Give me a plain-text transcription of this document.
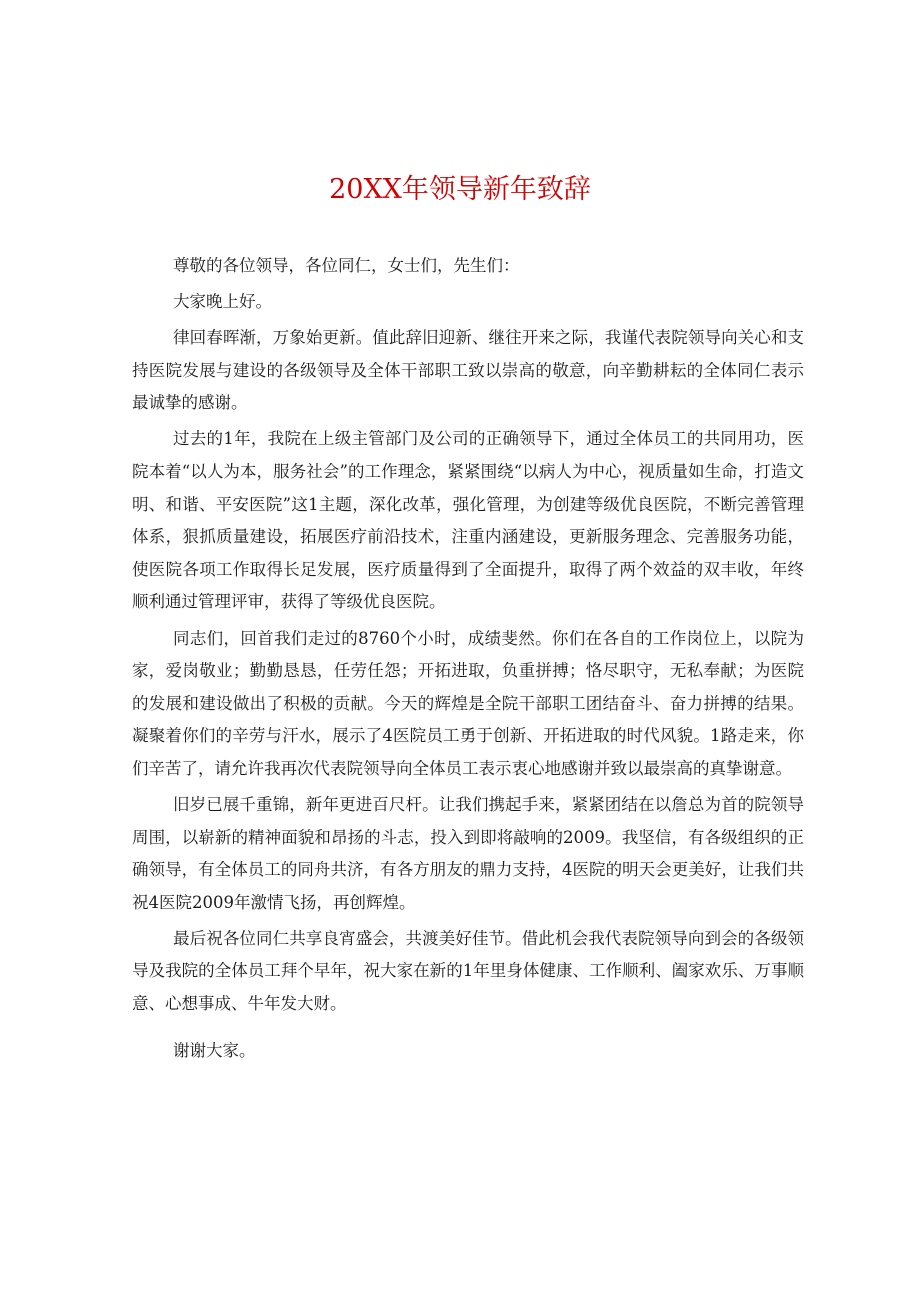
20XX年领导新年致辞

尊敬的各位领导，各位同仁，女士们，先生们：

大家晚上好。

律回春晖渐，万象始更新。值此辞旧迎新、继往开来之际，我谨代表院领导向关心和支持医院发展与建设的各级领导及全体干部职工致以崇高的敬意，向辛勤耕耘的全体同仁表示最诚挚的感谢。

过去的1年，我院在上级主管部门及公司的正确领导下，通过全体员工的共同用功，医院本着“以人为本，服务社会”的工作理念，紧紧围绕“以病人为中心，视质量如生命，打造文明、和谐、平安医院”这1主题，深化改革，强化管理，为创建等级优良医院，不断完善管理体系，狠抓质量建设，拓展医疗前沿技术，注重内涵建设，更新服务理念、完善服务功能，使医院各项工作取得长足发展，医疗质量得到了全面提升，取得了两个效益的双丰收，年终顺利通过管理评审，获得了等级优良医院。

同志们，回首我们走过的8760个小时，成绩斐然。你们在各自的工作岗位上，以院为家，爱岗敬业；勤勤恳恳，任劳任怨；开拓进取，负重拼搏；恪尽职守，无私奉献；为医院的发展和建设做出了积极的贡献。今天的辉煌是全院干部职工团结奋斗、奋力拼搏的结果。凝聚着你们的辛劳与汗水，展示了4医院员工勇于创新、开拓进取的时代风貌。1路走来，你们辛苦了，请允许我再次代表院领导向全体员工表示衷心地感谢并致以最崇高的真挚谢意。

旧岁已展千重锦，新年更进百尺杆。让我们携起手来，紧紧团结在以詹总为首的院领导周围，以崭新的精神面貌和昂扬的斗志，投入到即将敲响的2009。我坚信，有各级组织的正确领导，有全体员工的同舟共济，有各方朋友的鼎力支持，4医院的明天会更美好，让我们共祝4医院2009年激情飞扬，再创辉煌。

最后祝各位同仁共享良宵盛会，共渡美好佳节。借此机会我代表院领导向到会的各级领导及我院的全体员工拜个早年，祝大家在新的1年里身体健康、工作顺利、阖家欢乐、万事顺意、心想事成、牛年发大财。

谢谢大家。
